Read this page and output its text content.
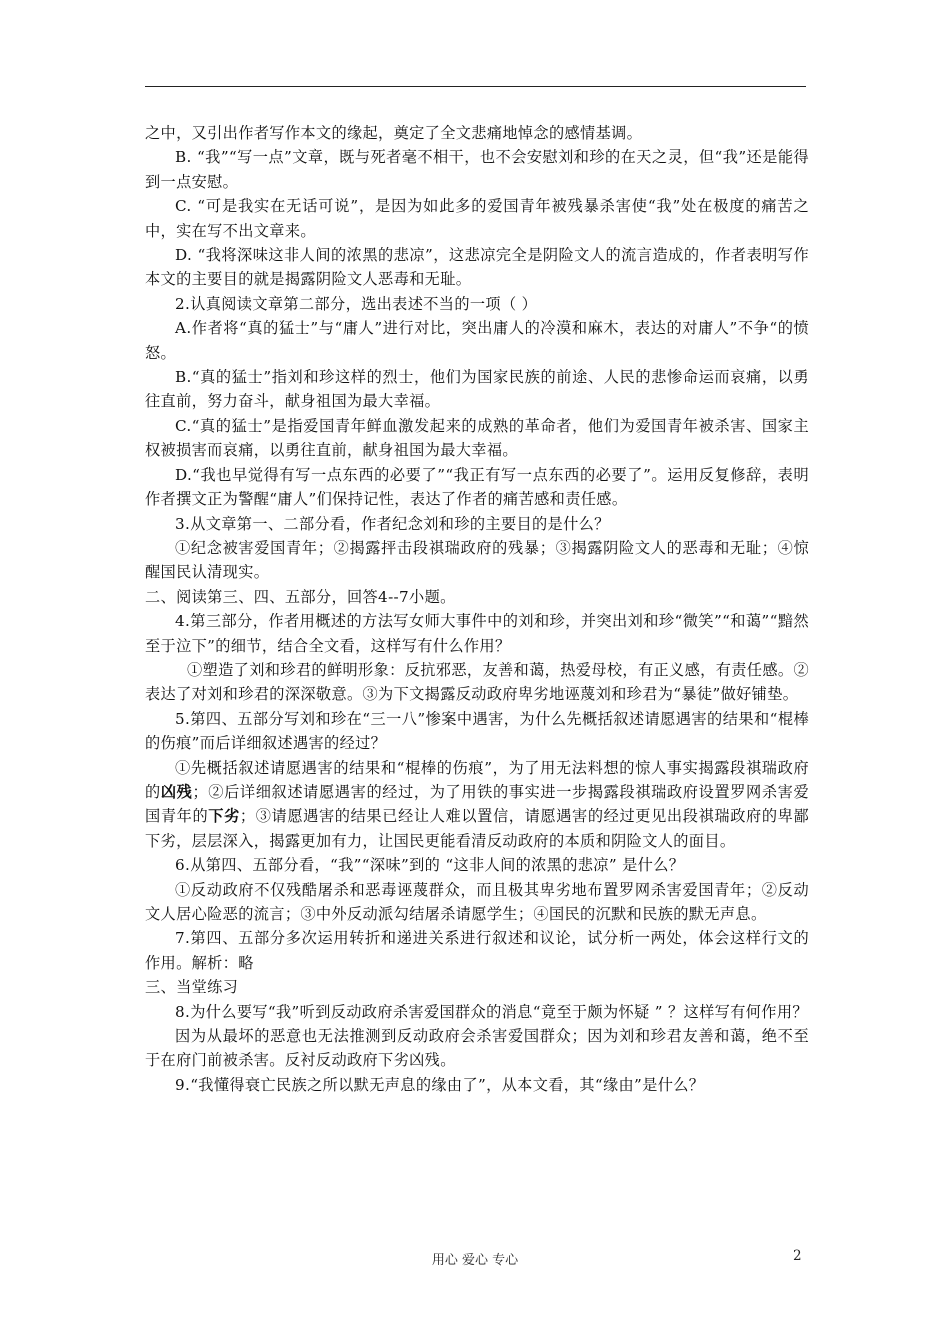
之中，又引出作者写作本文的缘起，奠定了全文悲痛地悼念的感情基调。

B. “我”“写一点”文章，既与死者毫不相干，也不会安慰刘和珍的在天之灵，但“我”还是能得到一点安慰。

C. “可是我实在无话可说”，是因为如此多的爱国青年被残暴杀害使“我”处在极度的痛苦之中，实在写不出文章来。

D. “我将深味这非人间的浓黑的悲凉”，这悲凉完全是阴险文人的流言造成的，作者表明写作本文的主要目的就是揭露阴险文人恶毒和无耻。

2.认真阅读文章第二部分，选出表述不当的一项（ ）

A.作者将“真的猛士”与“庸人”进行对比，突出庸人的冷漠和麻木，表达的对庸人”不争“的愤怒。

B.“真的猛士”指刘和珍这样的烈士，他们为国家民族的前途、人民的悲惨命运而哀痛，以勇往直前，努力奋斗，献身祖国为最大幸福。

C.“真的猛士”是指爱国青年鲜血激发起来的成熟的革命者，他们为爱国青年被杀害、国家主权被损害而哀痛，以勇往直前，献身祖国为最大幸福。

D.“我也早觉得有写一点东西的必要了”“我正有写一点东西的必要了”。运用反复修辞，表明作者撰文正为警醒“庸人”们保持记性，表达了作者的痛苦感和责任感。

3.从文章第一、二部分看，作者纪念刘和珍的主要目的是什么？

①纪念被害爱国青年；②揭露抨击段祺瑞政府的残暴；③揭露阴险文人的恶毒和无耻；④惊醒国民认清现实。

二、阅读第三、四、五部分，回答4--7小题。

4.第三部分，作者用概述的方法写女师大事件中的刘和珍，并突出刘和珍“微笑”“和蔼”“黯然至于泣下”的细节，结合全文看，这样写有什么作用？

①塑造了刘和珍君的鲜明形象：反抗邪恶，友善和蔼，热爱母校，有正义感，有责任感。②表达了对刘和珍君的深深敬意。③为下文揭露反动政府卑劣地诬蔑刘和珍君为“暴徒”做好铺垫。

5.第四、五部分写刘和珍在“三一八”惨案中遇害，为什么先概括叙述请愿遇害的结果和“棍棒的伤痕”而后详细叙述遇害的经过？

①先概括叙述请愿遇害的结果和“棍棒的伤痕”，为了用无法料想的惊人事实揭露段祺瑞政府的凶残；②后详细叙述请愿遇害的经过，为了用铁的事实进一步揭露段祺瑞政府设置罗网杀害爱国青年的下劣；③请愿遇害的结果已经让人难以置信，请愿遇害的经过更见出段祺瑞政府的卑鄙下劣，层层深入，揭露更加有力，让国民更能看清反动政府的本质和阴险文人的面目。

6.从第四、五部分看，“我”“深味”到的 “这非人间的浓黑的悲凉” 是什么？

①反动政府不仅残酷屠杀和恶毒诬蔑群众，而且极其卑劣地布置罗网杀害爱国青年；②反动文人居心险恶的流言；③中外反动派勾结屠杀请愿学生；④国民的沉默和民族的默无声息。

7.第四、五部分多次运用转折和递进关系进行叙述和议论，试分析一两处，体会这样行文的作用。解析：略

三、当堂练习

8.为什么要写“我”听到反动政府杀害爱国群众的消息“竟至于颇为怀疑 ” ？这样写有何作用？

因为从最坏的恶意也无法推测到反动政府会杀害爱国群众；因为刘和珍君友善和蔼，绝不至于在府门前被杀害。反衬反动政府下劣凶残。

9.“我懂得衰亡民族之所以默无声息的缘由了”，从本文看，其“缘由”是什么？

用心 爱心 专心	2
